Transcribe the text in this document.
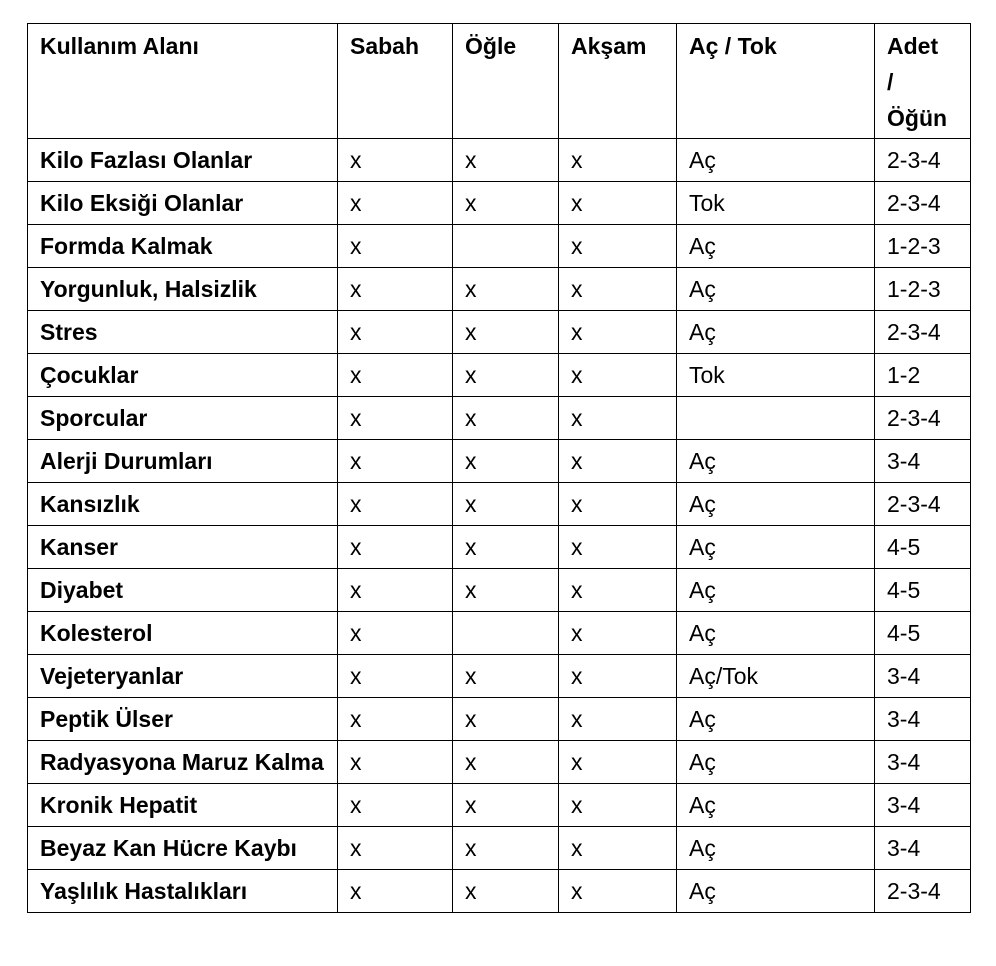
Kullanım Alanı	Sabah	Öğle	Akşam	Aç / Tok	Adet
/
Öğün

Kilo Fazlası Olanlar	x	x	x	Aç	2-3-4
Kilo Eksiği Olanlar	x	x	x	Tok	2-3-4
Formda Kalmak	x		x	Aç	1-2-3
Yorgunluk, Halsizlik	x	x	x	Aç	1-2-3
Stres	x	x	x	Aç	2-3-4
Çocuklar	x	x	x	Tok	1-2
Sporcular	x	x	x		2-3-4
Alerji Durumları	x	x	x	Aç	3-4
Kansızlık	x	x	x	Aç	2-3-4
Kanser	x	x	x	Aç	4-5
Diyabet	x	x	x	Aç	4-5
Kolesterol	x		x	Aç	4-5
Vejeteryanlar	x	x	x	Aç/Tok	3-4
Peptik Ülser	x	x	x	Aç	3-4
Radyasyona Maruz Kalma	x	x	x	Aç	3-4
Kronik Hepatit	x	x	x	Aç	3-4
Beyaz Kan Hücre Kaybı	x	x	x	Aç	3-4
Yaşlılık Hastalıkları	x	x	x	Aç	2-3-4
